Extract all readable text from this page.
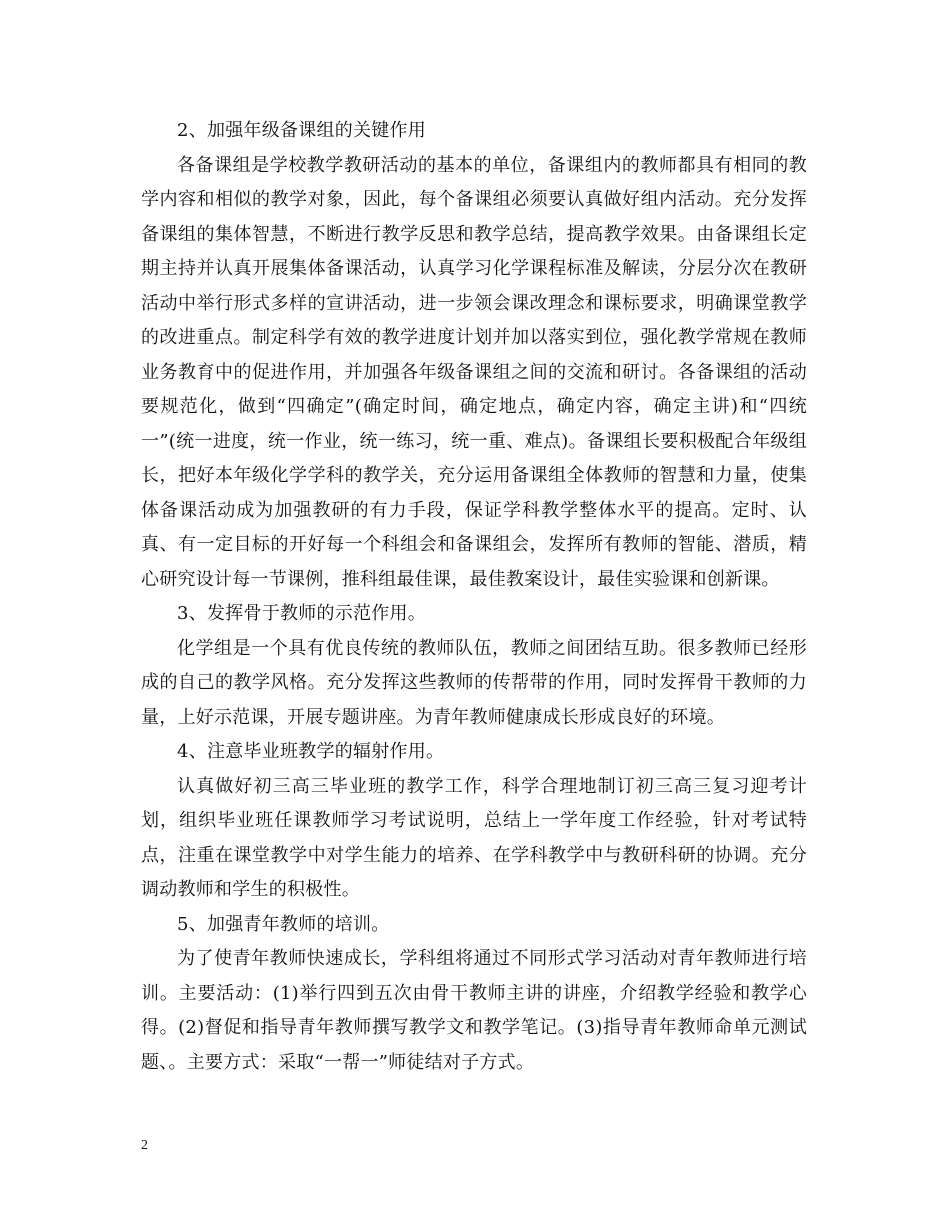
2、加强年级备课组的关键作用

各备课组是学校教学教研活动的基本的单位，备课组内的教师都具有相同的教学内容和相似的教学对象，因此，每个备课组必须要认真做好组内活动。充分发挥备课组的集体智慧，不断进行教学反思和教学总结，提高教学效果。由备课组长定期主持并认真开展集体备课活动，认真学习化学课程标准及解读，分层分次在教研活动中举行形式多样的宣讲活动，进一步领会课改理念和课标要求，明确课堂教学的改进重点。制定科学有效的教学进度计划并加以落实到位，强化教学常规在教师业务教育中的促进作用，并加强各年级备课组之间的交流和研讨。各备课组的活动要规范化，做到“四确定”(确定时间，确定地点，确定内容，确定主讲)和“四统一”(统一进度，统一作业，统一练习，统一重、难点)。备课组长要积极配合年级组长，把好本年级化学学科的教学关，充分运用备课组全体教师的智慧和力量，使集体备课活动成为加强教研的有力手段，保证学科教学整体水平的提高。定时、认真、有一定目标的开好每一个科组会和备课组会，发挥所有教师的智能、潜质，精心研究设计每一节课例，推科组最佳课，最佳教案设计，最佳实验课和创新课。

3、发挥骨于教师的示范作用。

化学组是一个具有优良传统的教师队伍，教师之间团结互助。很多教师已经形成的自己的教学风格。充分发挥这些教师的传帮带的作用，同时发挥骨干教师的力量，上好示范课，开展专题讲座。为青年教师健康成长形成良好的环境。

4、注意毕业班教学的辐射作用。

认真做好初三高三毕业班的教学工作，科学合理地制订初三高三复习迎考计划，组织毕业班任课教师学习考试说明，总结上一学年度工作经验，针对考试特点，注重在课堂教学中对学生能力的培养、在学科教学中与教研科研的协调。充分调动教师和学生的积极性。

5、加强青年教师的培训。

为了使青年教师快速成长，学科组将通过不同形式学习活动对青年教师进行培训。主要活动：(1)举行四到五次由骨干教师主讲的讲座，介绍教学经验和教学心得。(2)督促和指导青年教师撰写教学文和教学笔记。(3)指导青年教师命单元测试题、。主要方式：采取“一帮一”师徒结对子方式。

2
